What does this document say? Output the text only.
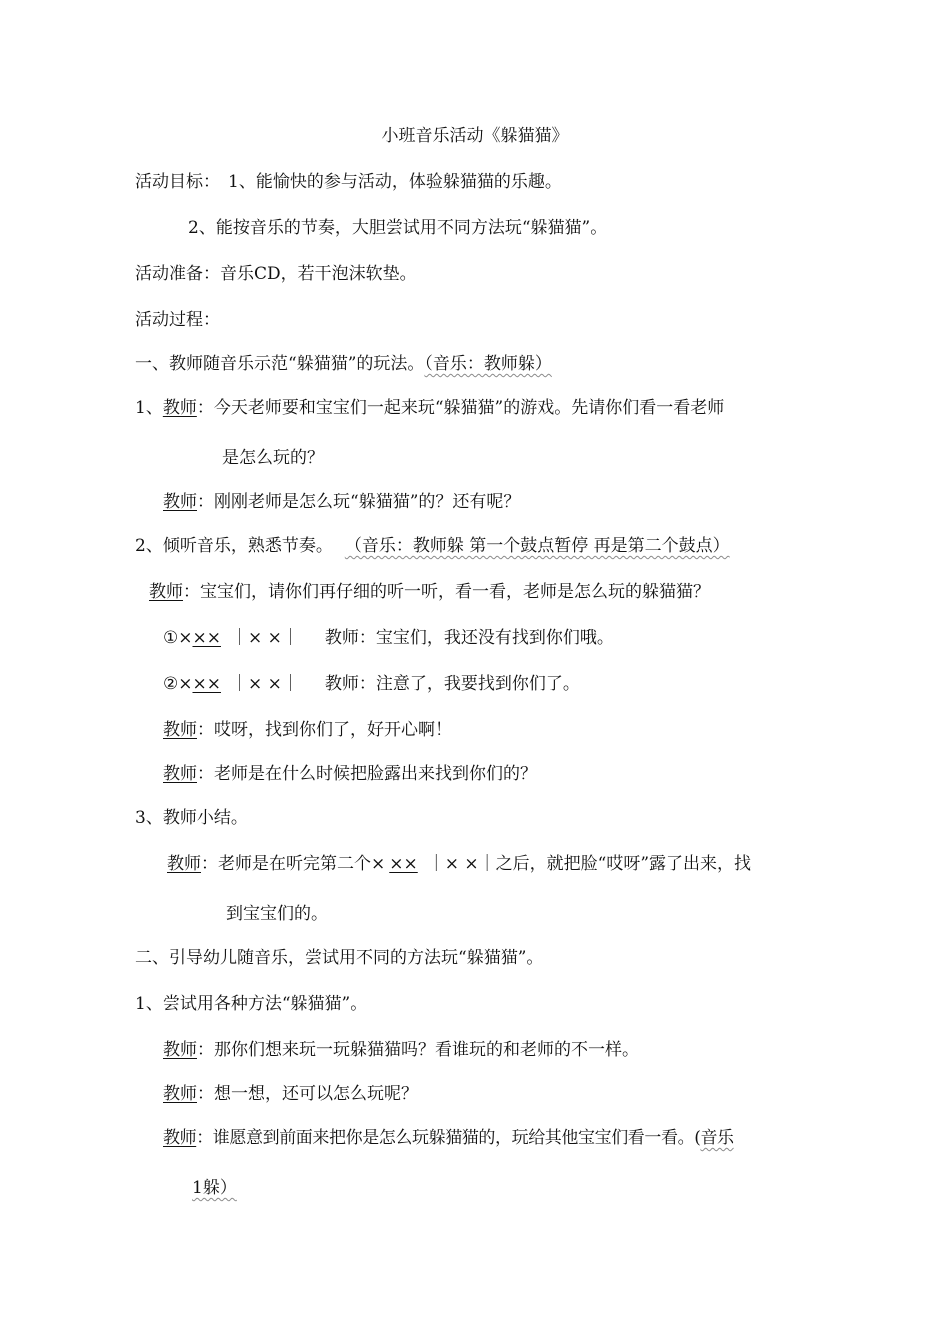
小班音乐活动《躲猫猫》
活动目标： 1、能愉快的参与活动，体验躲猫猫的乐趣。
2、能按音乐的节奏，大胆尝试用不同方法玩“躲猫猫”。
活动准备：音乐CD，若干泡沫软垫。
活动过程：
一、教师随音乐示范“躲猫猫”的玩法。（音乐：教师躲）
1、教师：今天老师要和宝宝们一起来玩“躲猫猫”的游戏。先请你们看一看老师
是怎么玩的？
教师：刚刚老师是怎么玩“躲猫猫”的？还有呢？
2、倾听音乐，熟悉节奏。 （音乐：教师躲 第一个鼓点暂停 再是第二个鼓点）
教师：宝宝们，请你们再仔细的听一听，看一看，老师是怎么玩的躲猫猫？
①××× ｜× ×｜ 教师：宝宝们，我还没有找到你们哦。
②××× ｜× ×｜ 教师：注意了，我要找到你们了。
教师：哎呀，找到你们了，好开心啊！
教师：老师是在什么时候把脸露出来找到你们的？
3、教师小结。
教师：老师是在听完第二个× ×× ｜× ×｜之后，就把脸“哎呀”露了出来，找
到宝宝们的。
二、引导幼儿随音乐，尝试用不同的方法玩“躲猫猫”。
1、尝试用各种方法“躲猫猫”。
教师：那你们想来玩一玩躲猫猫吗？看谁玩的和老师的不一样。
教师：想一想，还可以怎么玩呢？
教师：谁愿意到前面来把你是怎么玩躲猫猫的，玩给其他宝宝们看一看。(音乐
1躲）
